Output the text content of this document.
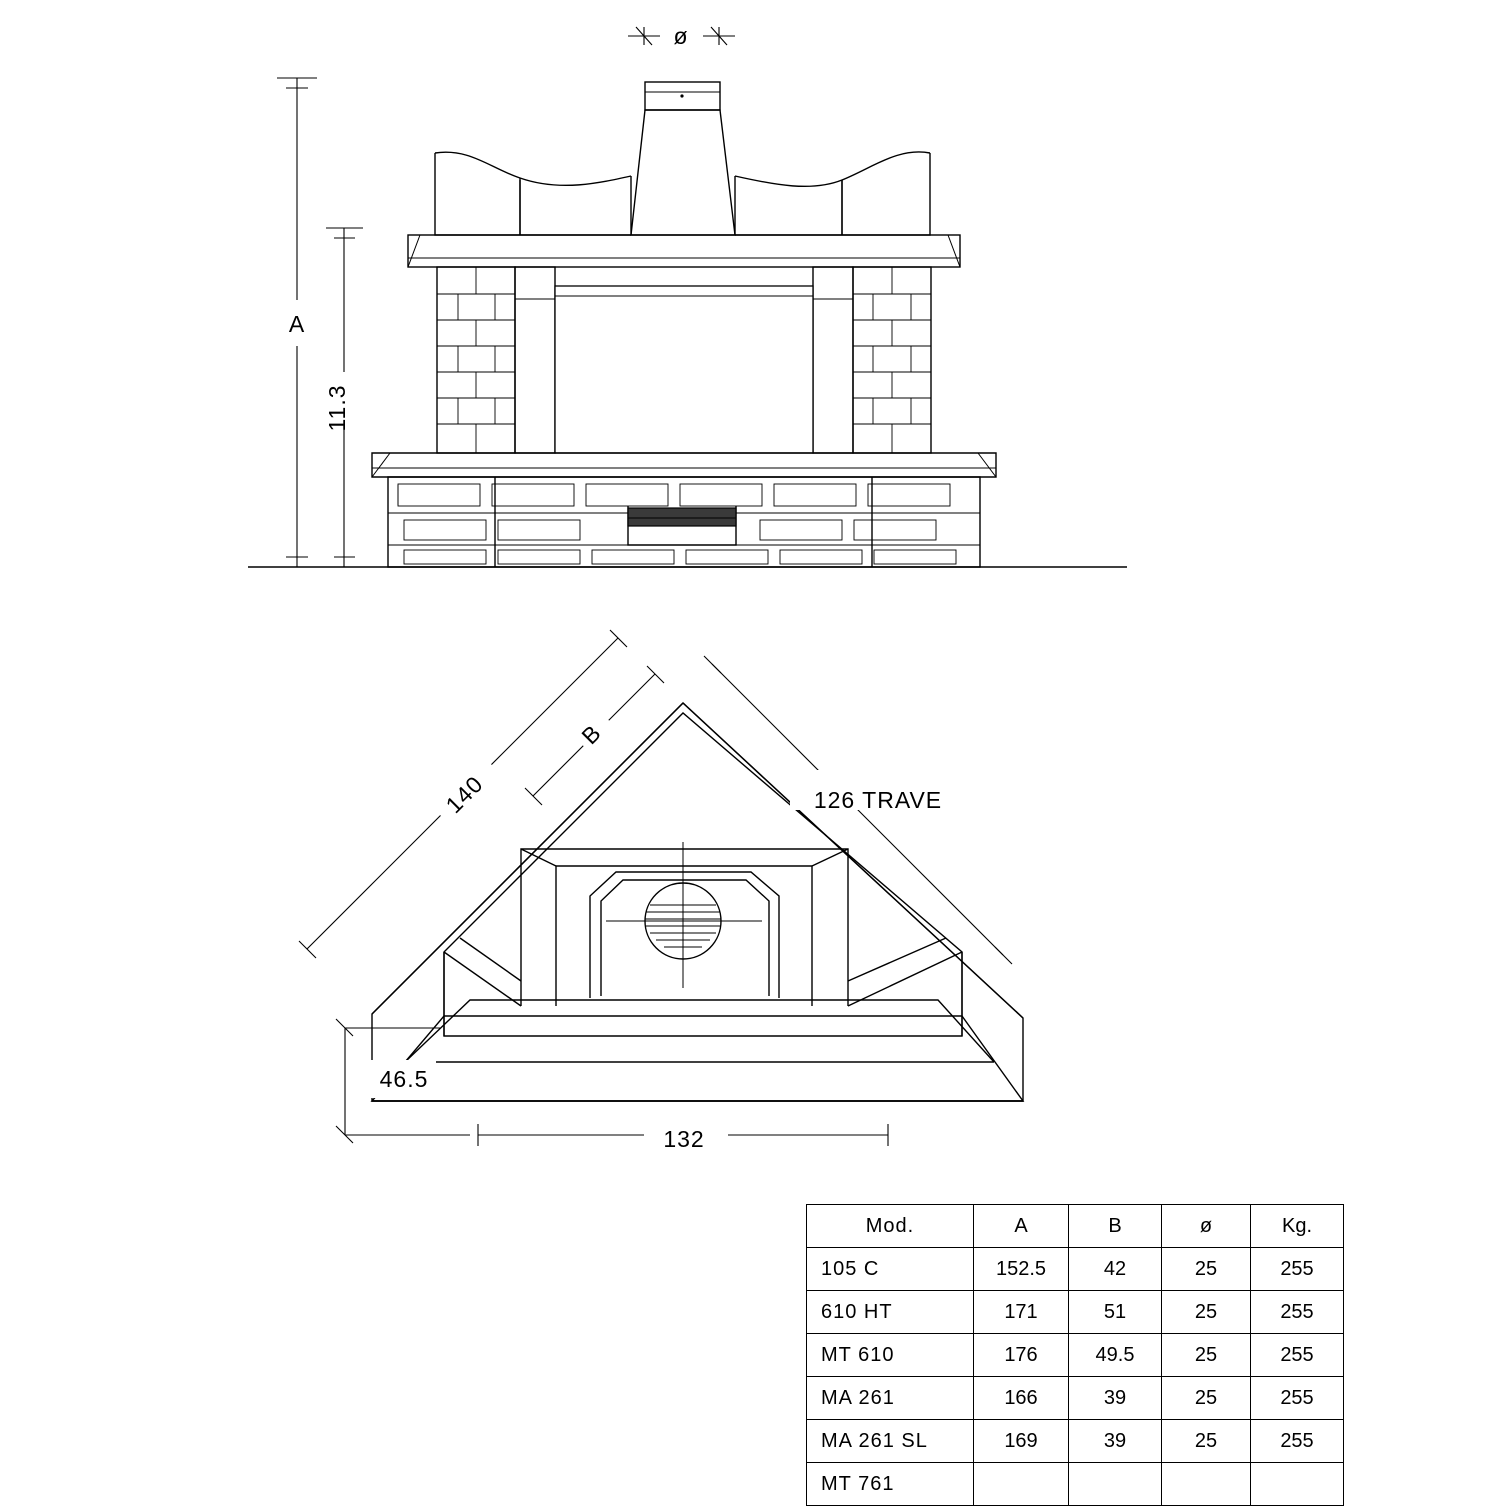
A
11.3
ø
140
B
126 TRAVE
46.5
132
Mod.	A	B	ø	Kg.
105 C	152.5	42	25	255
610 HT	171	51	25	255
MT 610	176	49.5	25	255
MA 261	166	39	25	255
MA 261 SL	169	39	25	255
MT 761				
